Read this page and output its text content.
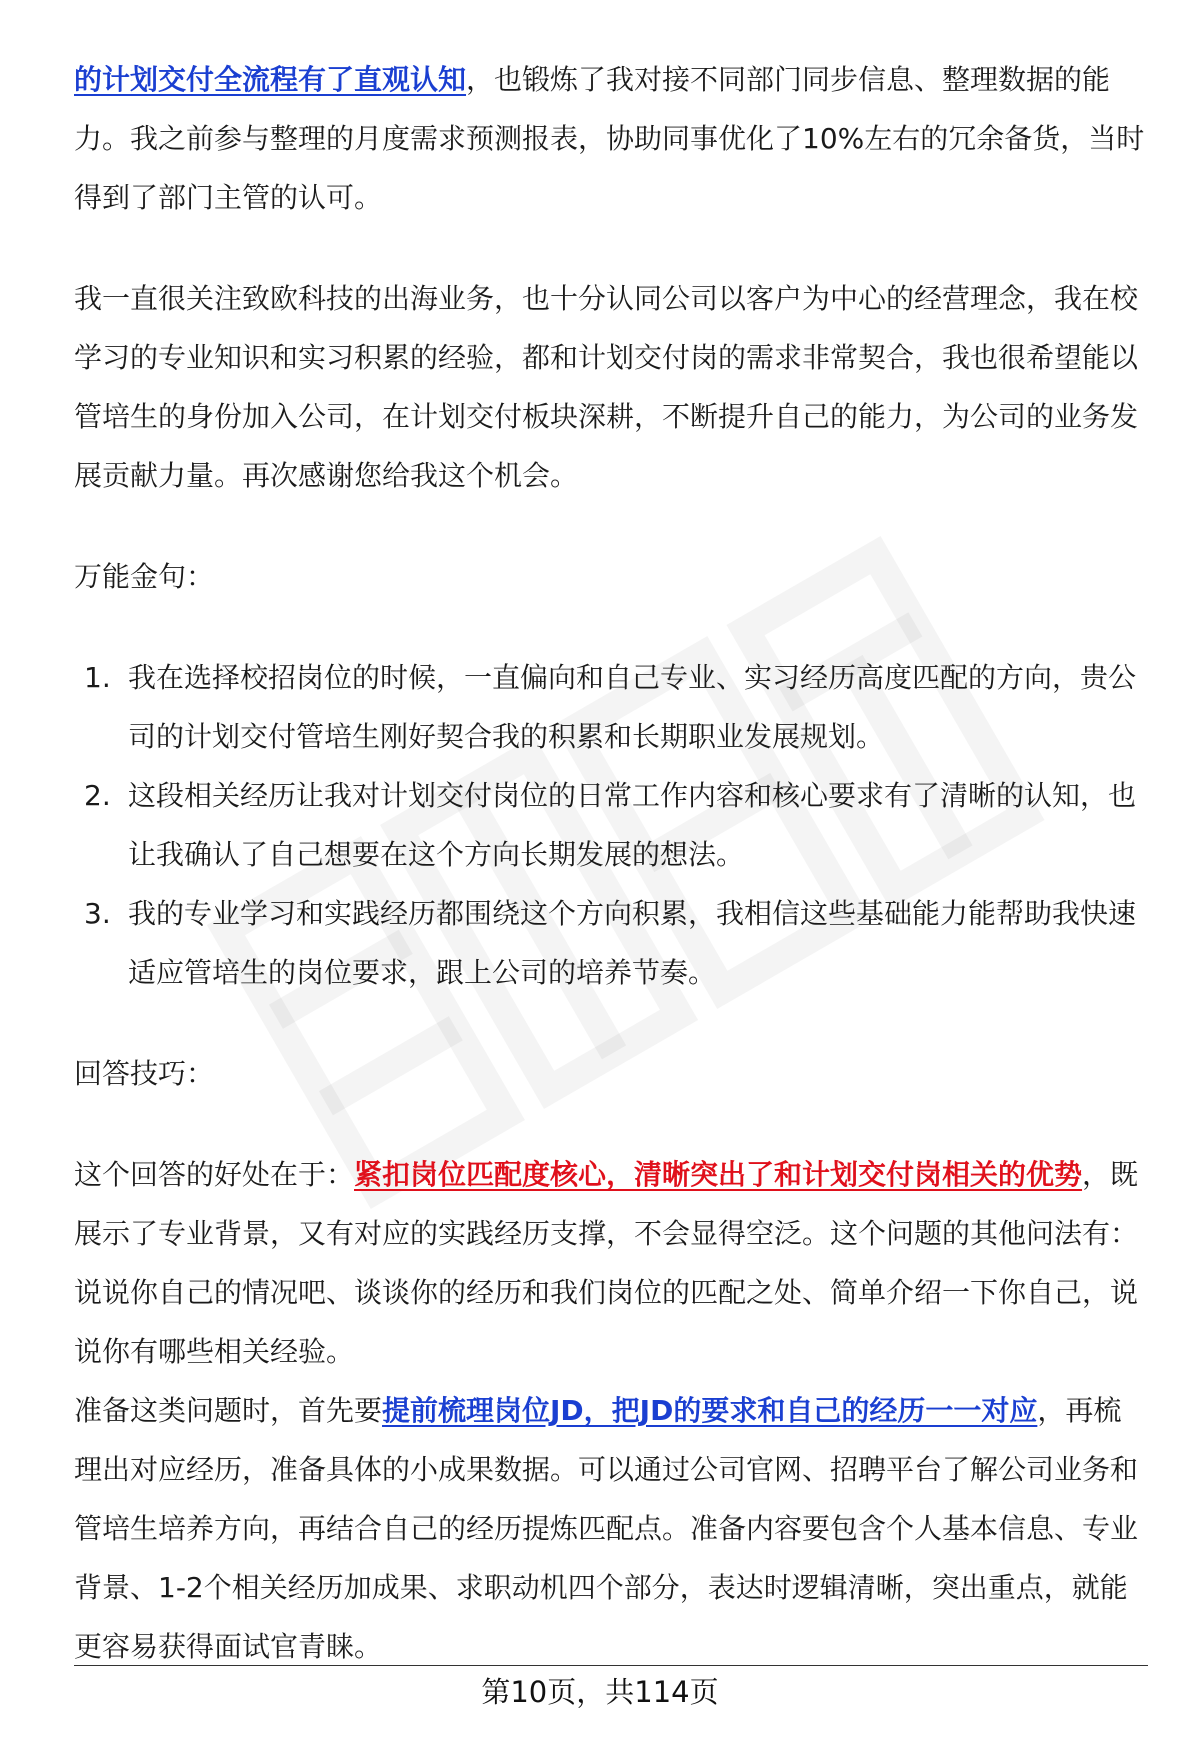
的计划交付全流程有了直观认知，也锻炼了我对接不同部门同步信息、整理数据的能力。我之前参与整理的月度需求预测报表，协助同事优化了10%左右的冗余备货，当时得到了部门主管的认可。

我一直很关注致欧科技的出海业务，也十分认同公司以客户为中心的经营理念，我在校学习的专业知识和实习积累的经验，都和计划交付岗的需求非常契合，我也很希望能以管培生的身份加入公司，在计划交付板块深耕，不断提升自己的能力，为公司的业务发展贡献力量。再次感谢您给我这个机会。

万能金句：

1. 我在选择校招岗位的时候，一直偏向和自己专业、实习经历高度匹配的方向，贵公司的计划交付管培生刚好契合我的积累和长期职业发展规划。
2. 这段相关经历让我对计划交付岗位的日常工作内容和核心要求有了清晰的认知，也让我确认了自己想要在这个方向长期发展的想法。
3. 我的专业学习和实践经历都围绕这个方向积累，我相信这些基础能力能帮助我快速适应管培生的岗位要求，跟上公司的培养节奏。

回答技巧：

这个回答的好处在于：紧扣岗位匹配度核心，清晰突出了和计划交付岗相关的优势，既展示了专业背景，又有对应的实践经历支撑，不会显得空泛。这个问题的其他问法有：说说你自己的情况吧、谈谈你的经历和我们岗位的匹配之处、简单介绍一下你自己，说说你有哪些相关经验。

准备这类问题时，首先要提前梳理岗位JD，把JD的要求和自己的经历一一对应，再梳理出对应经历，准备具体的小成果数据。可以通过公司官网、招聘平台了解公司业务和管培生培养方向，再结合自己的经历提炼匹配点。准备内容要包含个人基本信息、专业背景、1-2个相关经历加成果、求职动机四个部分，表达时逻辑清晰，突出重点，就能更容易获得面试官青睐。

第10页，共114页
